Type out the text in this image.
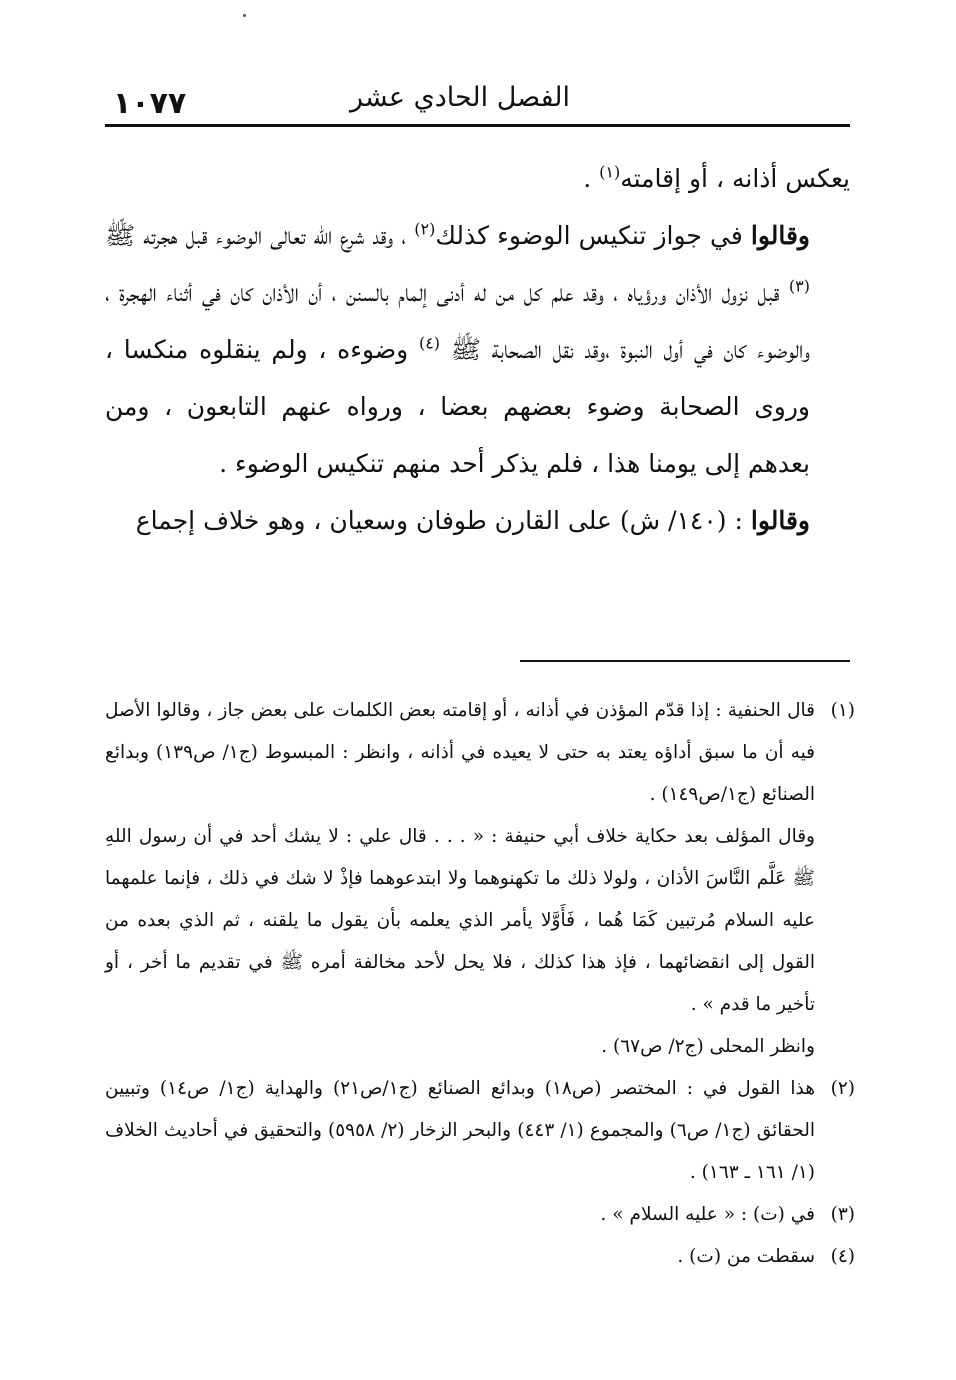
الفصل الحادي عشر
١٠٧٧

يعكس أذانه ، أو إقامته$^{(١)}$ .

وقالوا في جواز تنكيس الوضوء كذلك$^{(٢)}$ ، وقد شرع الله تعالى الوضوء قبل هجرته ﷺ $^{(٣)}$ قبل نزول الأذان ورؤياه ، وقد علم كل من له أدنى إلمام بالسنن ، أن الأذان كان في أثناء الهجرة ، والوضوء كان في أول النبوة ،وقد نقل الصحابة ﷺ $^{(٤)}$ وضوءه ، ولم ينقلوه منكسا ، وروى الصحابة وضوء بعضهم بعضا ، ورواه عنهم التابعون ، ومن بعدهم إلى يومنا هذا ، فلم يذكر أحد منهم تنكيس الوضوء .

وقالوا : (١٤٠/ ش) على القارن طوفان وسعيان ، وهو خلاف إجماع

(١)

قال الحنفية : إذا قدّم المؤذن في أذانه ، أو إقامته بعض الكلمات على بعض جاز ، وقالوا الأصل فيه أن ما سبق أداؤه يعتد به حتى لا يعيده في أذانه ، وانظر : المبسوط (ج١/ ص١٣٩) وبدائع الصنائع (ج١/ص١٤٩) .

وقال المؤلف بعد حكاية خلاف أبي حنيفة : « . . . قال علي : لا يشك أحد في أن رسول اللهِ ﷺ عَلَّم النَّاسَ الأذان ، ولولا ذلك ما تكهنوهما ولا ابتدعوهما فإذْ لا شك في ذلك ، فإنما علمهما عليه السلام مُرتبين كَمَا هُما ، فَأَوَّلا يأمر الذي يعلمه بأن يقول ما يلقنه ، ثم الذي بعده من القول إلى انقضائهما ، فإذ هذا كذلك ، فلا يحل لأحد مخالفة أمره ﷺ في تقديم ما أخر ، أو تأخير ما قدم » .

وانظر المحلى (ج٢/ ص٦٧) .

(٢)

هذا القول في : المختصر (ص١٨) وبدائع الصنائع (ج١/ص٢١) والهداية (ج١/ ص١٤) وتبيين الحقائق (ج١/ ص٦) والمجموع (١/ ٤٤٣) والبحر الزخار (٢/ ٥٩٥٨) والتحقيق في أحاديث الخلاف (١/ ١٦١ ـ ١٦٣) .

(٣)

في (ت) : « عليه السلام » .

(٤)

سقطت من (ت) .
